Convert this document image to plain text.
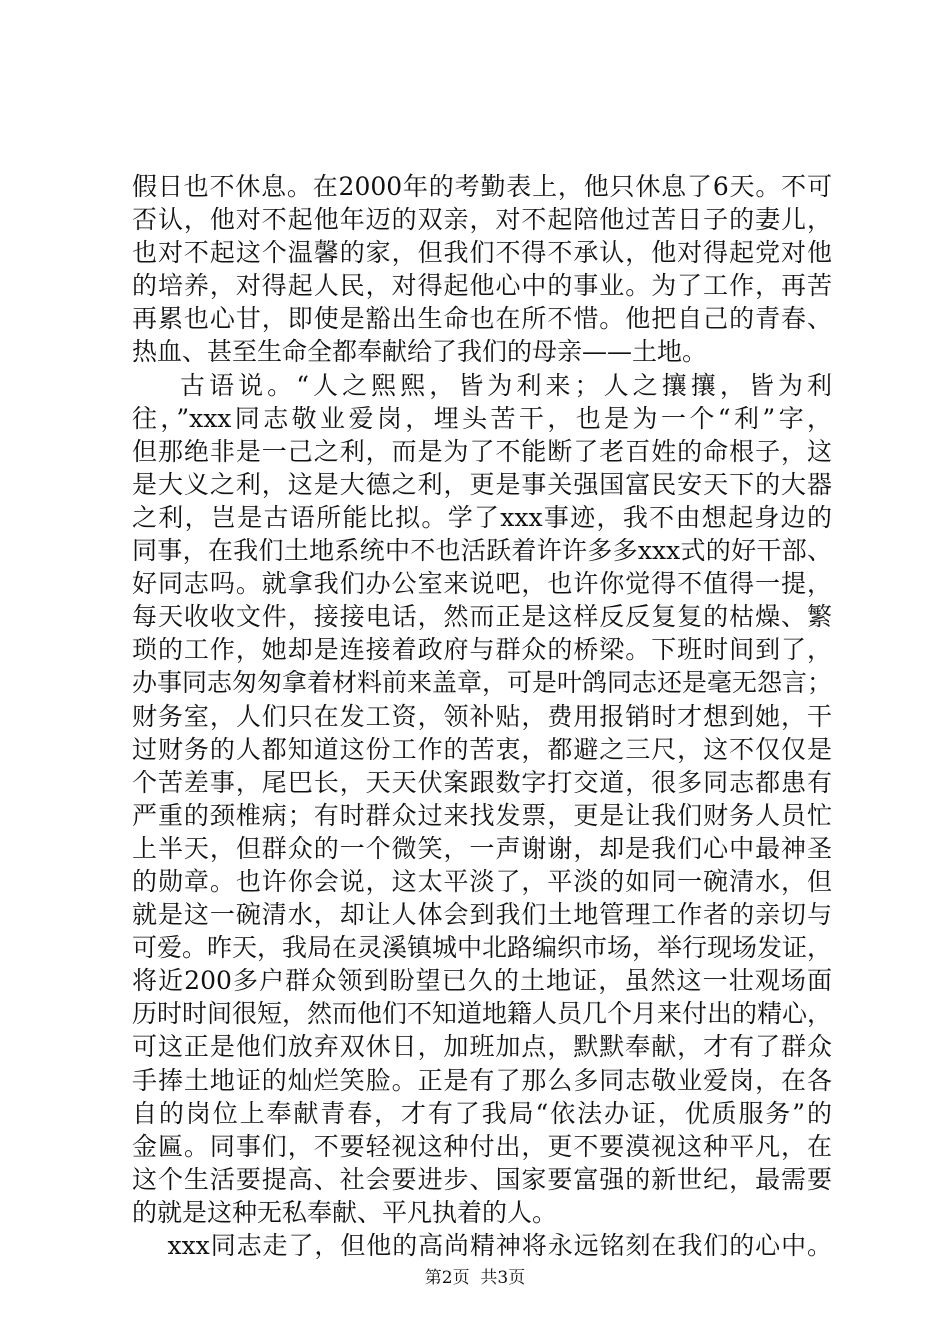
假日也不休息。在2000年的考勤表上，他只休息了6天。不可
否认，他对不起他年迈的双亲，对不起陪他过苦日子的妻儿，
也对不起这个温馨的家，但我们不得不承认，他对得起党对他
的培养，对得起人民，对得起他心中的事业。为了工作，再苦
再累也心甘，即使是豁出生命也在所不惜。他把自己的青春、
热血、甚至生命全都奉献给了我们的母亲——土地。
古语说。“人之熙熙，皆为利来；人之攘攘，皆为利
往，”xxx同志敬业爱岗，埋头苦干，也是为一个“利”字，
但那绝非是一己之利，而是为了不能断了老百姓的命根子，这
是大义之利，这是大德之利，更是事关强国富民安天下的大器
之利，岂是古语所能比拟。学了xxx事迹，我不由想起身边的
同事，在我们土地系统中不也活跃着许许多多xxx式的好干部、
好同志吗。就拿我们办公室来说吧，也许你觉得不值得一提，
每天收收文件，接接电话，然而正是这样反反复复的枯燥、繁
琐的工作，她却是连接着政府与群众的桥梁。下班时间到了，
办事同志匆匆拿着材料前来盖章，可是叶鸽同志还是毫无怨言；
财务室，人们只在发工资，领补贴，费用报销时才想到她，干
过财务的人都知道这份工作的苦衷，都避之三尺，这不仅仅是
个苦差事，尾巴长，天天伏案跟数字打交道，很多同志都患有
严重的颈椎病；有时群众过来找发票，更是让我们财务人员忙
上半天，但群众的一个微笑，一声谢谢，却是我们心中最神圣
的勋章。也许你会说，这太平淡了，平淡的如同一碗清水，但
就是这一碗清水，却让人体会到我们土地管理工作者的亲切与
可爱。昨天，我局在灵溪镇城中北路编织市场，举行现场发证，
将近200多户群众领到盼望已久的土地证，虽然这一壮观场面
历时时间很短，然而他们不知道地籍人员几个月来付出的精心，
可这正是他们放弃双休日，加班加点，默默奉献，才有了群众
手捧土地证的灿烂笑脸。正是有了那么多同志敬业爱岗，在各
自的岗位上奉献青春，才有了我局“依法办证，优质服务”的
金匾。同事们，不要轻视这种付出，更不要漠视这种平凡，在
这个生活要提高、社会要进步、国家要富强的新世纪，最需要
的就是这种无私奉献、平凡执着的人。
xxx同志走了，但他的高尚精神将永远铭刻在我们的心中。
第2页  共3页
